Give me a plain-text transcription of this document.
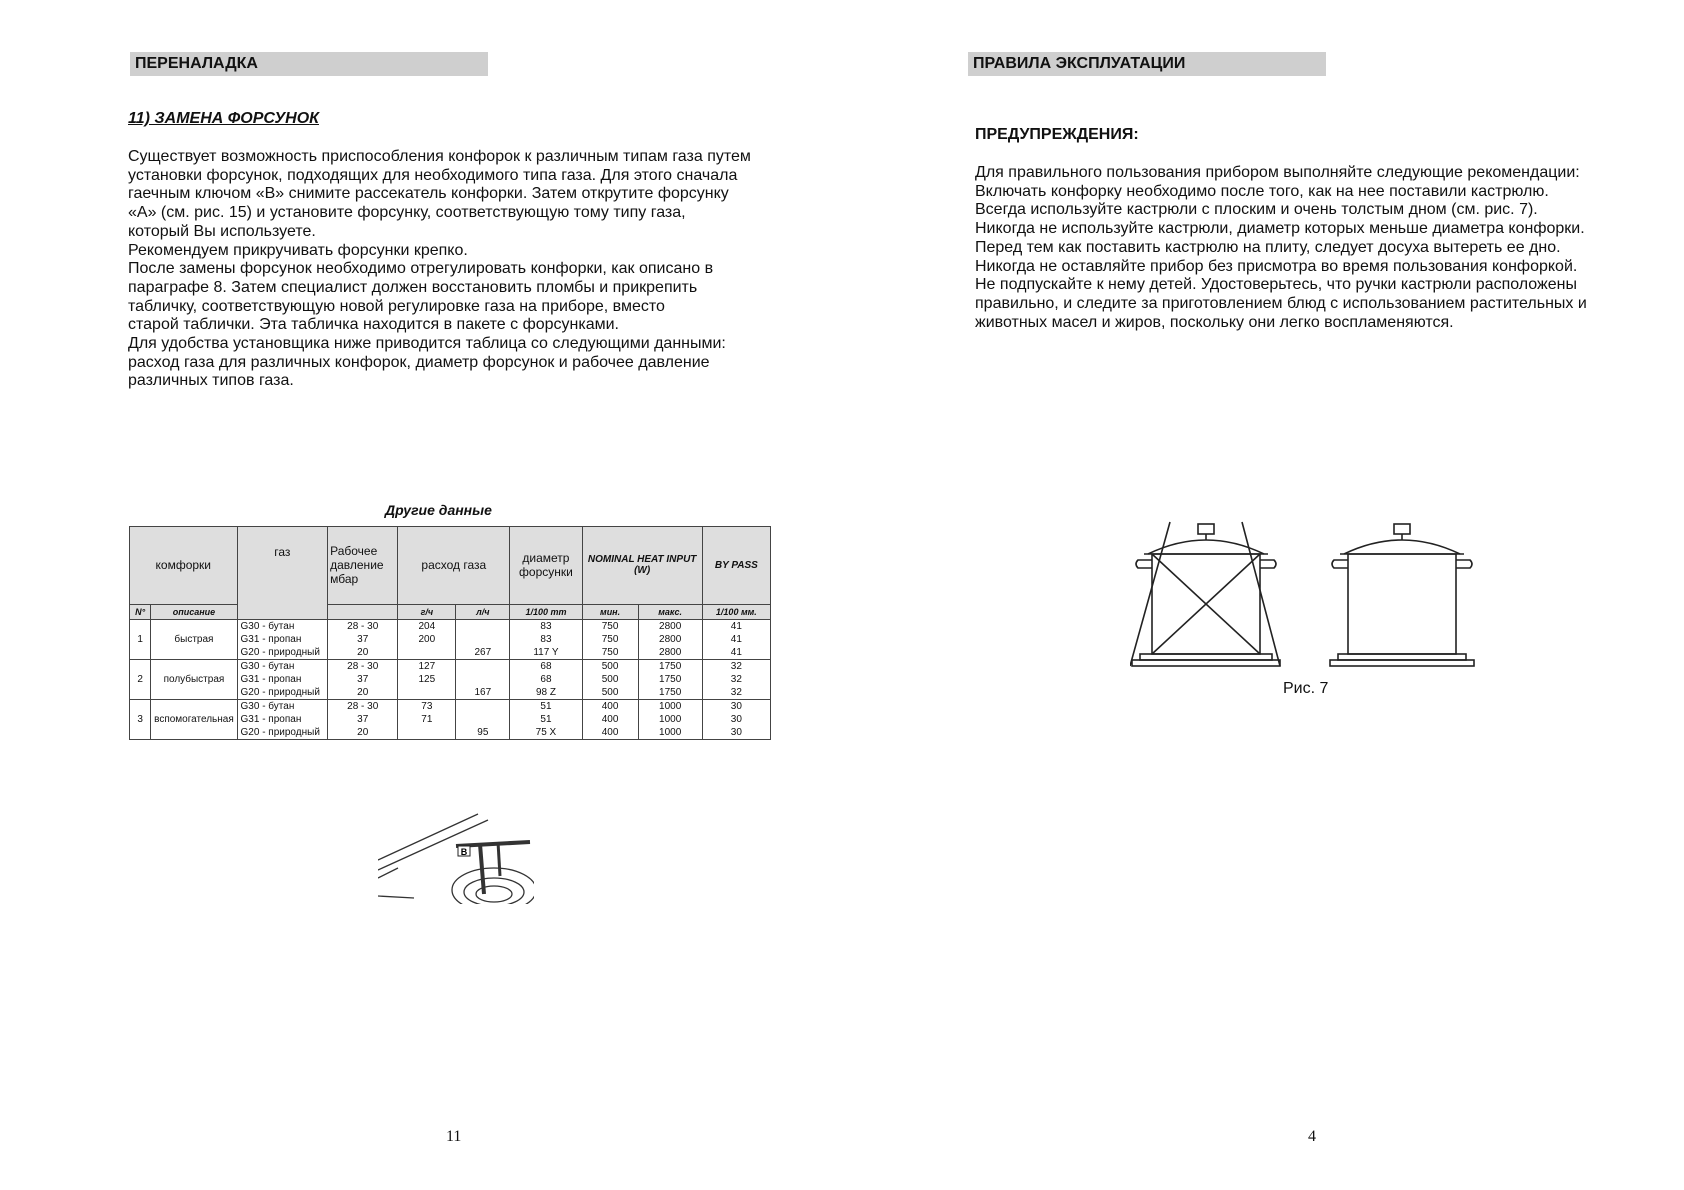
ПЕРЕНАЛАДКА
11) ЗАМЕНА ФОРСУНОК
Существует возможность приспособления конфорок к различным типам газа путем
установки форсунок, подходящих для необходимого типа газа. Для этого сначала
гаечным ключом «B» снимите рассекатель конфорки. Затем открутите форсунку
«A» (см. рис. 15) и установите форсунку, соответствующую тому типу газа,
который Вы используете.
Рекомендуем прикручивать форсунки крепко.
После замены форсунок необходимо отрегулировать конфорки, как описано в
параграфе 8. Затем специалист должен восстановить пломбы и прикрепить
табличку, соответствующую новой регулировке газа на приборе, вместо
старой таблички. Эта табличка находится в пакете с форсунками.
Для удобства установщика ниже приводится таблица со следующими данными:
расход газа для различных конфорок, диаметр форсунок и рабочее давление
различных типов газа.
Другие данные
комфорки		газ	Рабочее давление мбар	расход газа		диаметр форсунки	NOMINAL HEAT INPUT (W)		BY PASS
N°	описание			г/ч	л/ч	1/100 mm	мин.	макс.	1/100 мм.
1	быстрая	G30 - бутан	28 - 30	204		83	750	2800	41
		G31 - пропан	37	200		83	750	2800	41
		G20 - природный	20		267	117 Y	750	2800	41
2	полубыстрая	G30 - бутан	28 - 30	127		68	500	1750	32
		G31 - пропан	37	125		68	500	1750	32
		G20 - природный	20		167	98 Z	500	1750	32
3	вспомогательная	G30 - бутан	28 - 30	73		51	400	1000	30
		G31 - пропан	37	71		51	400	1000	30
		G20 - природный	20		95	75 X	400	1000	30
B
11
ПРАВИЛА ЭКСПЛУАТАЦИИ
ПРЕДУПРЕЖДЕНИЯ:
Для правильного пользования прибором выполняйте следующие рекомендации:
Включать конфорку необходимо после того, как на нее поставили кастрюлю.
Всегда используйте кастрюли с плоским и очень толстым дном (см. рис. 7).
Никогда не используйте кастрюли, диаметр которых меньше диаметра конфорки.
Перед тем как поставить кастрюлю на плиту, следует досуха вытереть ее дно.
Никогда не оставляйте прибор без присмотра во время пользования конфоркой.
Не подпускайте к нему детей. Удостоверьтесь, что ручки кастрюли расположены
правильно, и следите за приготовлением блюд с использованием растительных и
животных масел и жиров, поскольку они легко воспламеняются.
Рис. 7
4
